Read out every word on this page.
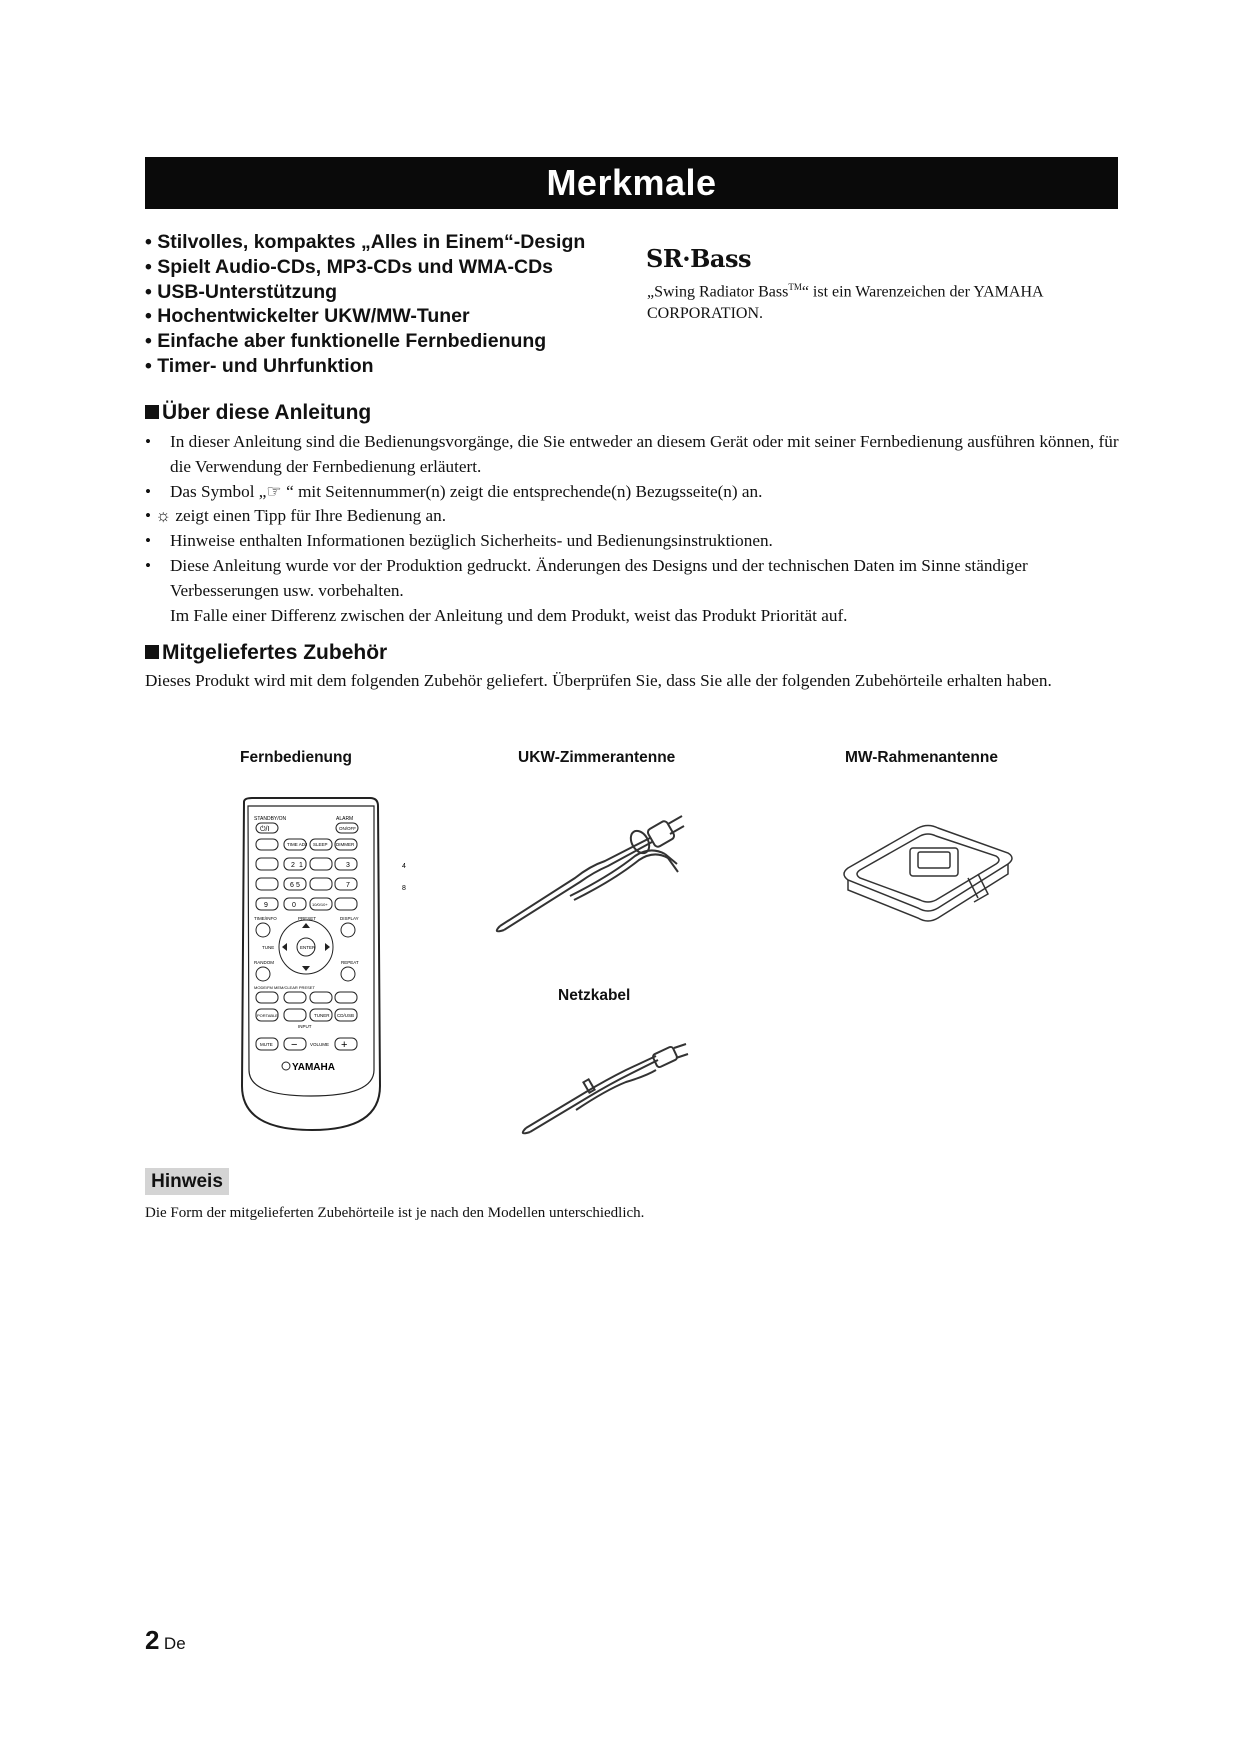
Merkmale
• Stilvolles, kompaktes „Alles in Einem“-Design
• Spielt Audio-CDs, MP3-CDs und WMA-CDs
• USB-Unterstützung
• Hochentwickelter UKW/MW-Tuner
• Einfache aber funktionelle Fernbedienung
• Timer- und Uhrfunktion
SR·Bass
„Swing Radiator Bass™“ ist ein Warenzeichen der YAMAHA CORPORATION.
Über diese Anleitung
• In dieser Anleitung sind die Bedienungsvorgänge, die Sie entweder an diesem Gerät oder mit seiner Fernbedienung ausführen können, für die Verwendung der Fernbedienung erläutert.
• Das Symbol „☞ “ mit Seitennummer(n) zeigt die entsprechende(n) Bezugsseite(n) an.
• ☼ zeigt einen Tipp für Ihre Bedienung an.
• Hinweise enthalten Informationen bezüglich Sicherheits- und Bedienungsinstruktionen.
• Diese Anleitung wurde vor der Produktion gedruckt. Änderungen des Designs und der technischen Daten im Sinne ständiger Verbesserungen usw. vorbehalten.
Im Falle einer Differenz zwischen der Anleitung und dem Produkt, weist das Produkt Priorität auf.
Mitgeliefertes Zubehör
Dieses Produkt wird mit dem folgenden Zubehör geliefert. Überprüfen Sie, dass Sie alle der folgenden Zubehörteile erhalten haben.
Fernbedienung	UKW-Zimmerantenne	MW-Rahmenantenne
Netzkabel
STANDBY/ON	ALARM
⏻/I	ON/OFF
TIME ADJ SLEEP DIMMER
2 1	3
6 5	7
9	0	10/0/10+
TIME/INFO	PRESET	DISPLAY
ENTER
TUNE
RANDOM	REPEAT
MODE/FM MEM/CLEAR PRESET
PORTABLE	TUNER CD/USB
INPUT
MUTE −	VOLUME +
YAMAHA
4
8
Hinweis
Die Form der mitgelieferten Zubehörteile ist je nach den Modellen unterschiedlich.
2 De
